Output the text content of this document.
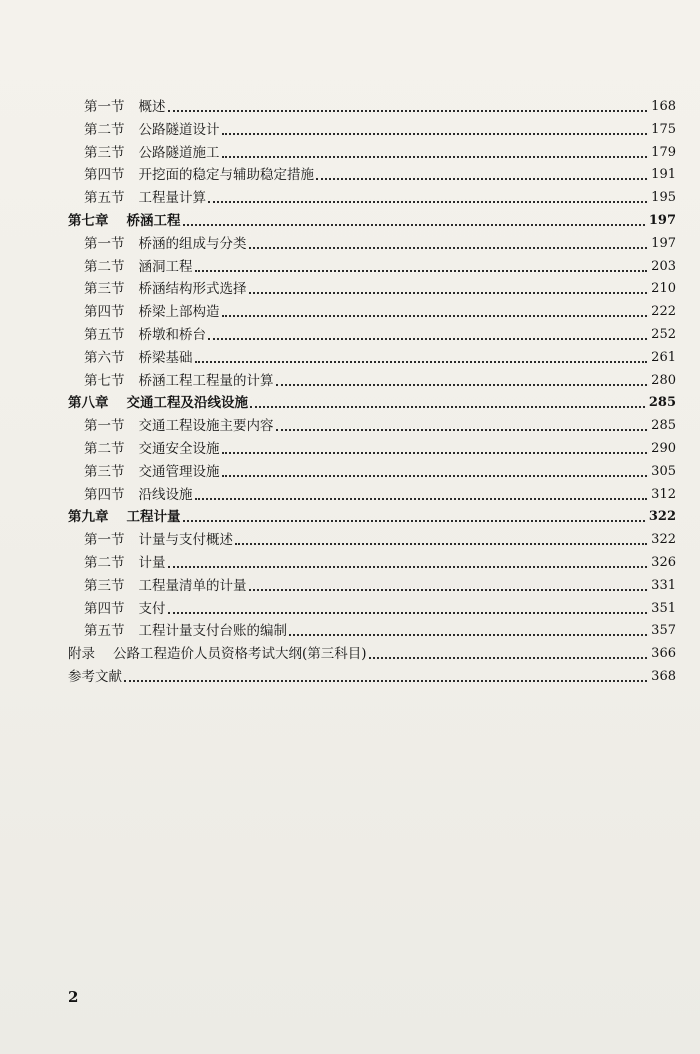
第一节 概述	168
第二节 公路隧道设计	175
第三节 公路隧道施工	179
第四节 开挖面的稳定与辅助稳定措施	191
第五节 工程量计算	195
第七章 桥涵工程	197
第一节 桥涵的组成与分类	197
第二节 涵洞工程	203
第三节 桥涵结构形式选择	210
第四节 桥梁上部构造	222
第五节 桥墩和桥台	252
第六节 桥梁基础	261
第七节 桥涵工程工程量的计算	280
第八章 交通工程及沿线设施	285
第一节 交通工程设施主要内容	285
第二节 交通安全设施	290
第三节 交通管理设施	305
第四节 沿线设施	312
第九章 工程计量	322
第一节 计量与支付概述	322
第二节 计量	326
第三节 工程量清单的计量	331
第四节 支付	351
第五节 工程计量支付台账的编制	357
附录 公路工程造价人员资格考试大纲(第三科目)	366
参考文献	368
2
